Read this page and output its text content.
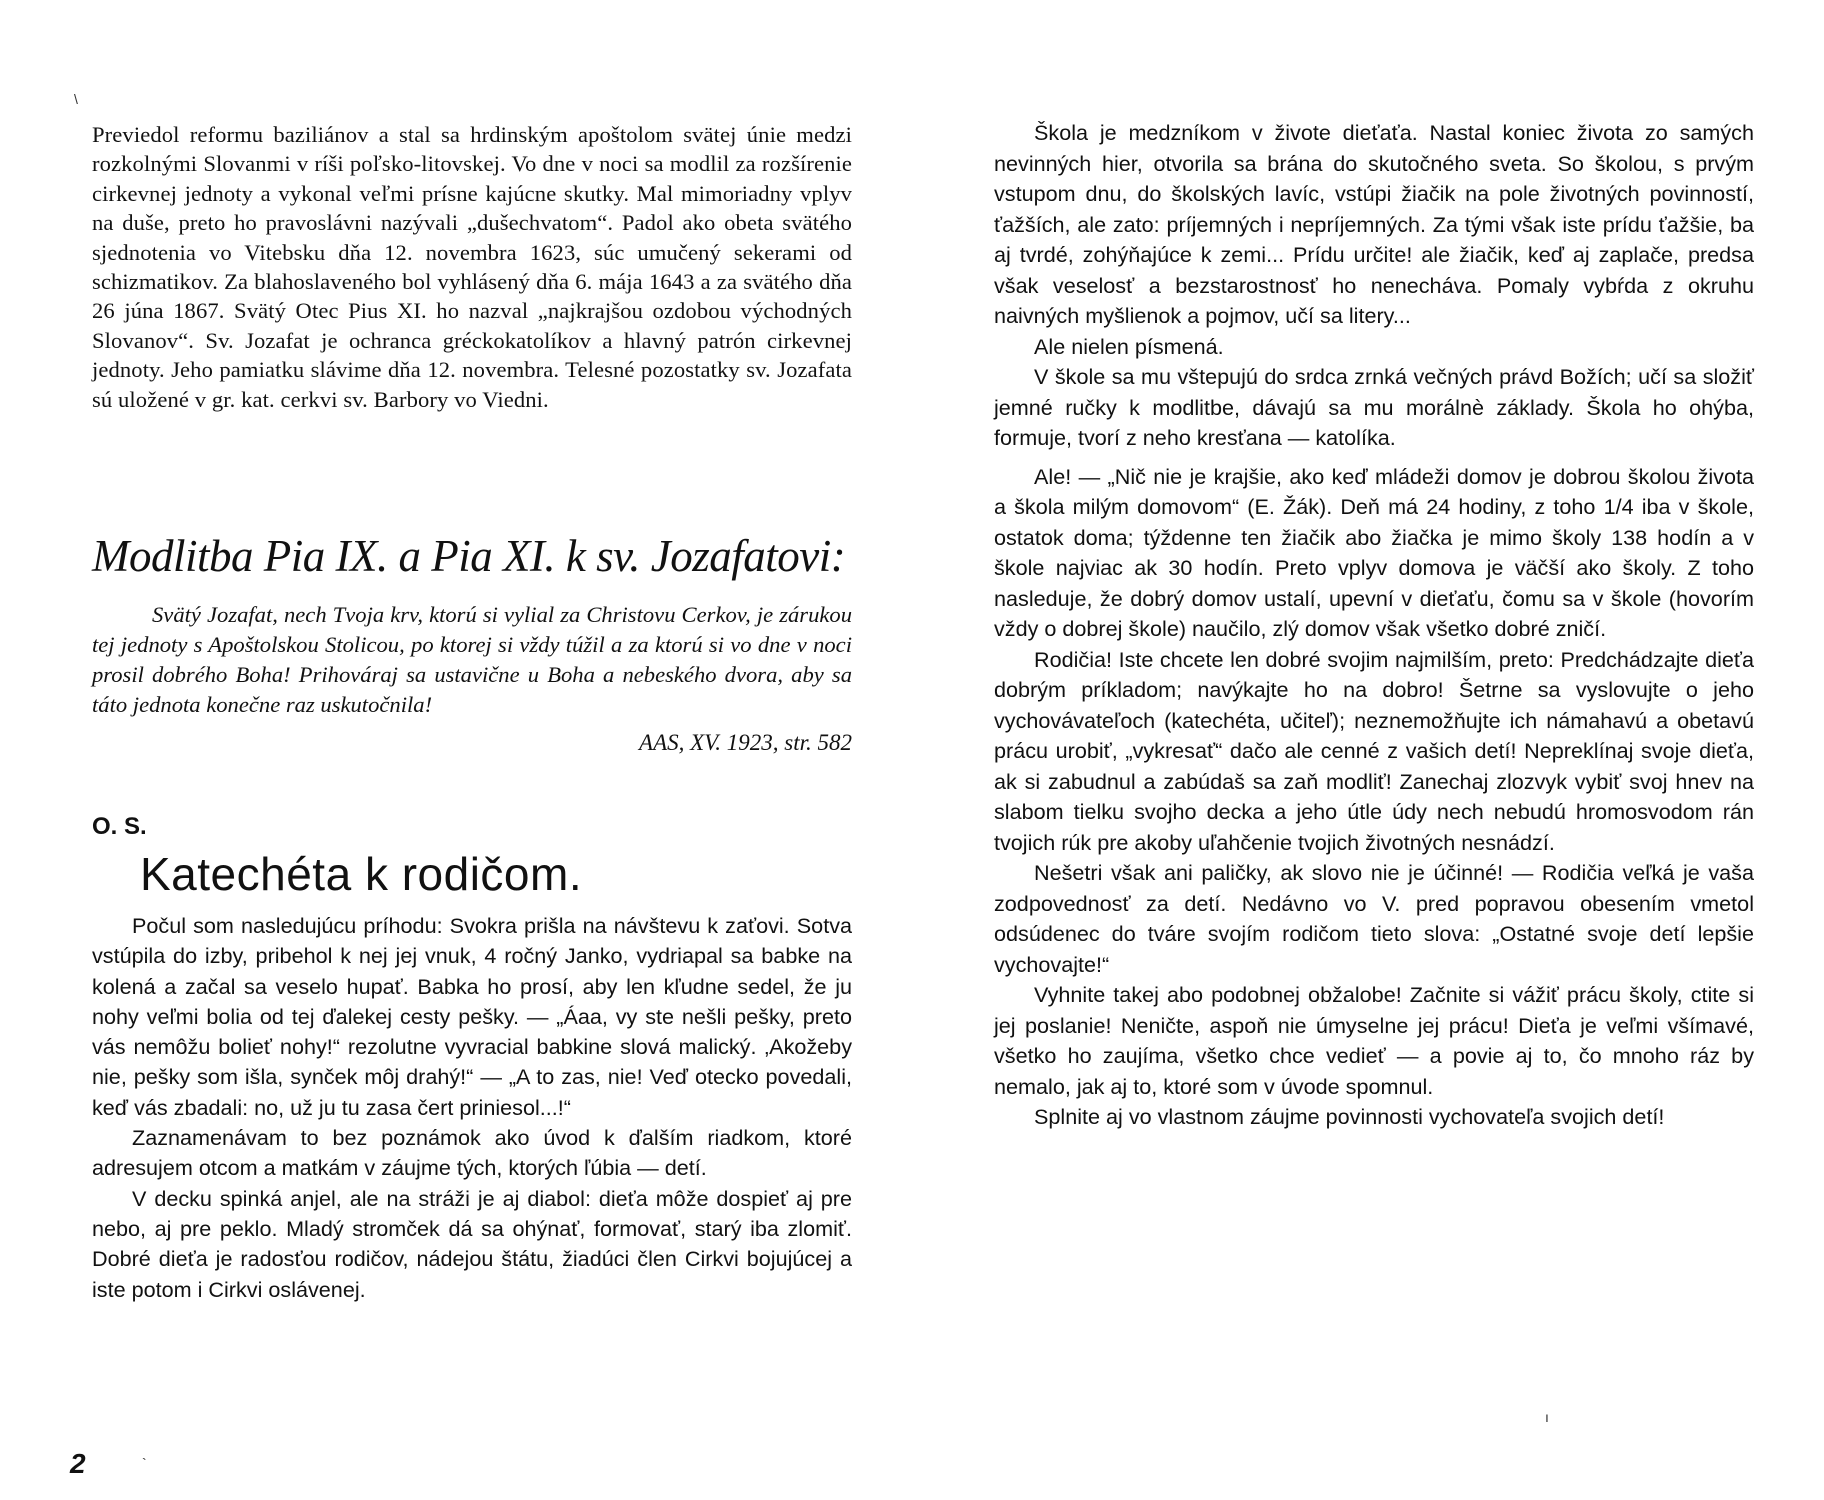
Previedol reformu baziliánov a stal sa hrdinským apoštolom svätej únie medzi rozkolnými Slovanmi v ríši poľsko-litovskej. Vo dne v noci sa modlil za rozšírenie cirkevnej jednoty a vykonal veľmi prísne kajúcne skutky. Mal mimoriadny vplyv na duše, preto ho pravoslávni nazývali „dušechvatom“. Padol ako obeta svätého sjednotenia vo Vitebsku dňa 12. novembra 1623, súc umučený sekerami od schizmatikov. Za blahoslaveného bol vyhlásený dňa 6. mája 1643 a za svätého dňa 26 júna 1867. Svätý Otec Pius XI. ho nazval „najkrajšou ozdobou východných Slovanov“. Sv. Jozafat je ochranca gréckokatolíkov a hlavný patrón cirkevnej jednoty. Jeho pamiatku slávime dňa 12. novembra. Telesné pozostatky sv. Jozafata sú uložené v gr. kat. cerkvi sv. Barbory vo Viedni.

Modlitba Pia IX. a Pia XI. k sv. Jozafatovi:

Svätý Jozafat, nech Tvoja krv, ktorú si vylial za Christovu Cerkov, je zárukou tej jednoty s Apoštolskou Stolicou, po ktorej si vždy túžil a za ktorú si vo dne v noci prosil dobrého Boha! Prihováraj sa ustavične u Boha a nebeského dvora, aby sa táto jednota konečne raz uskutočnila!

AAS, XV. 1923, str. 582

O. S.
Katechéta k rodičom.

Počul som nasledujúcu príhodu: Svokra prišla na návštevu k zaťovi. Sotva vstúpila do izby, pribehol k nej jej vnuk, 4 ročný Janko, vydriapal sa babke na kolená a začal sa veselo hupať. Babka ho prosí, aby len kľudne sedel, že ju nohy veľmi bolia od tej ďalekej cesty pešky. — „Áaa, vy ste nešli pešky, preto vás nemôžu bolieť nohy!“ rezolutne vyvracial babkine slová malický. ‚Akožeby nie, pešky som išla, synček môj drahý!“ — „A to zas, nie! Veď otecko povedali, keď vás zbadali: no, už ju tu zasa čert priniesol...!“

Zaznamenávam to bez poznámok ako úvod k ďalším riadkom, ktoré adresujem otcom a matkám v záujme tých, ktorých ľúbia — detí.

V decku spinká anjel, ale na stráži je aj diabol: dieťa môže dospieť aj pre nebo, aj pre peklo. Mladý stromček dá sa ohýnať, formovať, starý iba zlomiť. Dobré dieťa je radosťou rodičov, nádejou štátu, žiadúci člen Cirkvi bojujúcej a iste potom i Cirkvi oslávenej.

2

Škola je medzníkom v živote dieťaťa. Nastal koniec života zo samých nevinných hier, otvorila sa brána do skutočného sveta. So školou, s prvým vstupom dnu, do školských lavíc, vstúpi žiačik na pole životných povinností, ťažších, ale zato: príjemných i nepríjemných. Za tými však iste prídu ťažšie, ba aj tvrdé, zohýňajúce k zemi... Prídu určite! ale žiačik, keď aj zaplače, predsa však veselosť a bezstarostnosť ho nenecháva. Pomaly vybŕda z okruhu naivných myšlienok a pojmov, učí sa litery...

Ale nielen písmená.

V škole sa mu vštepujú do srdca zrnká večných právd Božích; učí sa složiť jemné ručky k modlitbe, dávajú sa mu morálnè základy. Škola ho ohýba, formuje, tvorí z neho kresťana — katolíka.

Ale! — „Nič nie je krajšie, ako keď mládeži domov je dobrou školou života a škola milým domovom“ (E. Žák). Deň má 24 hodiny, z toho 1/4 iba v škole, ostatok doma; týždenne ten žiačik abo žiačka je mimo školy 138 hodín a v škole najviac ak 30 hodín. Preto vplyv domova je väčší ako školy. Z toho nasleduje, že dobrý domov ustalí, upevní v dieťaťu, čomu sa v škole (hovorím vždy o dobrej škole) naučilo, zlý domov však všetko dobré zničí.

Rodičia! Iste chcete len dobré svojim najmilším, preto: Predchádzajte dieťa dobrým príkladom; navýkajte ho na dobro! Šetrne sa vyslovujte o jeho vychovávateľoch (katechéta, učiteľ); neznemožňujte ich námahavú a obetavú prácu urobiť, „vykresať“ dačo ale cenné z vašich detí! Nepreklínaj svoje dieťa, ak si zabudnul a zabúdaš sa zaň modliť! Zanechaj zlozvyk vybiť svoj hnev na slabom tielku svojho decka a jeho útle údy nech nebudú hromosvodom rán tvojich rúk pre akoby uľahčenie tvojich životných nesnádzí.

Nešetri však ani paličky, ak slovo nie je účinné! — Rodičia veľká je vaša zodpovednosť za detí. Nedávno vo V. pred popravou obesením vmetol odsúdenec do tváre svojím rodičom tieto slova: „Ostatné svoje detí lepšie vychovajte!“

Vyhnite takej abo podobnej obžalobe! Začnite si vážiť prácu školy, ctite si jej poslanie! Neničte, aspoň nie úmyselne jej prácu! Dieťa je veľmi všímavé, všetko ho zaujíma, všetko chce vedieť — a povie aj to, čo mnoho ráz by nemalo, jak aj to, ktoré som v úvode spomnul.

Splnite aj vo vlastnom záujme povinnosti vychovateľa svojich detí!

\
`
ı
